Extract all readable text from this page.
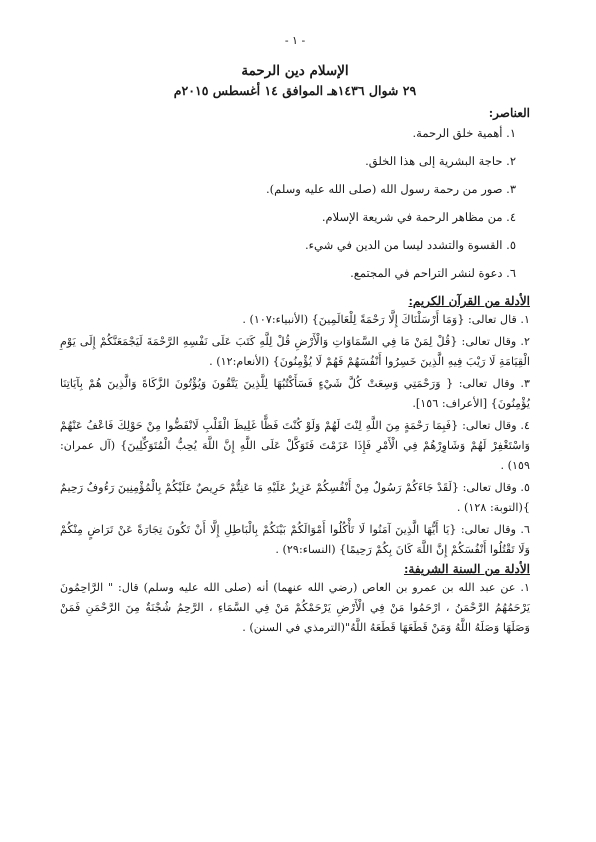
- ١ -
الإسلام دين الرحمة
٢٩ شوال ١٤٣٦هـ الموافق ١٤ أغسطس ٢٠١٥م
العناصر:
١. أهمية خلق الرحمة.
٢. حاجة البشرية إلى هذا الخلق.
٣. صور من رحمة رسول الله (صلى الله عليه وسلم).
٤. من مظاهر الرحمة في شريعة الإسلام.
٥. القسوة والتشدد ليسا من الدين في شيء.
٦. دعوة لنشر التراحم في المجتمع.
الأدلة من القرآن الكريم:
١. قال تعالى: {وَمَا أَرْسَلْنَاكَ إِلَّا رَحْمَةً لِلْعَالَمِينَ} (الأنبياء:١٠٧) .
٢. وقال تعالى: {قُلْ لِمَنْ مَا فِي السَّمَاوَاتِ وَالْأَرْضِ قُلْ لِلَّهِ كَتَبَ عَلَى نَفْسِهِ الرَّحْمَةَ لَيَجْمَعَنَّكُمْ إِلَى يَوْمِ الْقِيَامَةِ لَا رَيْبَ فِيهِ الَّذِينَ خَسِرُوا أَنْفُسَهُمْ فَهُمْ لَا يُؤْمِنُونَ} (الأنعام:١٢) .
٣. وقال تعالى: { وَرَحْمَتِي وَسِعَتْ كُلَّ شَيْءٍ فَسَأَكْتُبُهَا لِلَّذِينَ يَتَّقُونَ وَيُؤْتُونَ الزَّكَاةَ وَالَّذِينَ هُمْ بِآيَاتِنَا يُؤْمِنُونَ} [الأعراف: ١٥٦].
٤. وقال تعالى: {فَبِمَا رَحْمَةٍ مِنَ اللَّهِ لِنْتَ لَهُمْ وَلَوْ كُنْتَ فَظًّا غَلِيظَ الْقَلْبِ لَانْفَضُّوا مِنْ حَوْلِكَ فَاعْفُ عَنْهُمْ وَاسْتَغْفِرْ لَهُمْ وَشَاوِرْهُمْ فِي الْأَمْرِ فَإِذَا عَزَمْتَ فَتَوَكَّلْ عَلَى اللَّهِ إِنَّ اللَّهَ يُحِبُّ الْمُتَوَكِّلِينَ} (آل عمران: ١٥٩) .
٥. وقال تعالى: {لَقَدْ جَاءَكُمْ رَسُولٌ مِنْ أَنْفُسِكُمْ عَزِيزٌ عَلَيْهِ مَا عَنِتُّمْ حَرِيصٌ عَلَيْكُمْ بِالْمُؤْمِنِينَ رَءُوفٌ رَحِيمٌ }(التوبة: ١٢٨) .
٦. وقال تعالى: {يَا أَيُّهَا الَّذِينَ آمَنُوا لَا تَأْكُلُوا أَمْوَالَكُمْ بَيْنَكُمْ بِالْبَاطِلِ إِلَّا أَنْ تَكُونَ تِجَارَةً عَنْ تَرَاضٍ مِنْكُمْ وَلَا تَقْتُلُوا أَنْفُسَكُمْ إِنَّ اللَّهَ كَانَ بِكُمْ رَحِيمًا} (النساء:٢٩) .
الأدلة من السنة الشريفة:
١. عن عبد الله بن عمرو بن العاص (رضي الله عنهما) أنه (صلى الله عليه وسلم) قال: " الرَّاحِمُونَ يَرْحَمُهُمُ الرَّحْمَنُ ، ارْحَمُوا مَنْ فِي الْأَرْضِ يَرْحَمْكُمْ مَنْ فِي السَّمَاءِ ، الرَّحِمُ شُجْنَةٌ مِنَ الرَّحْمَنِ فَمَنْ وَصَلَهَا وَصَلَهُ اللَّهُ وَمَنْ قَطَعَهَا قَطَعَهُ اللَّهُ"(الترمذي في السنن) .
